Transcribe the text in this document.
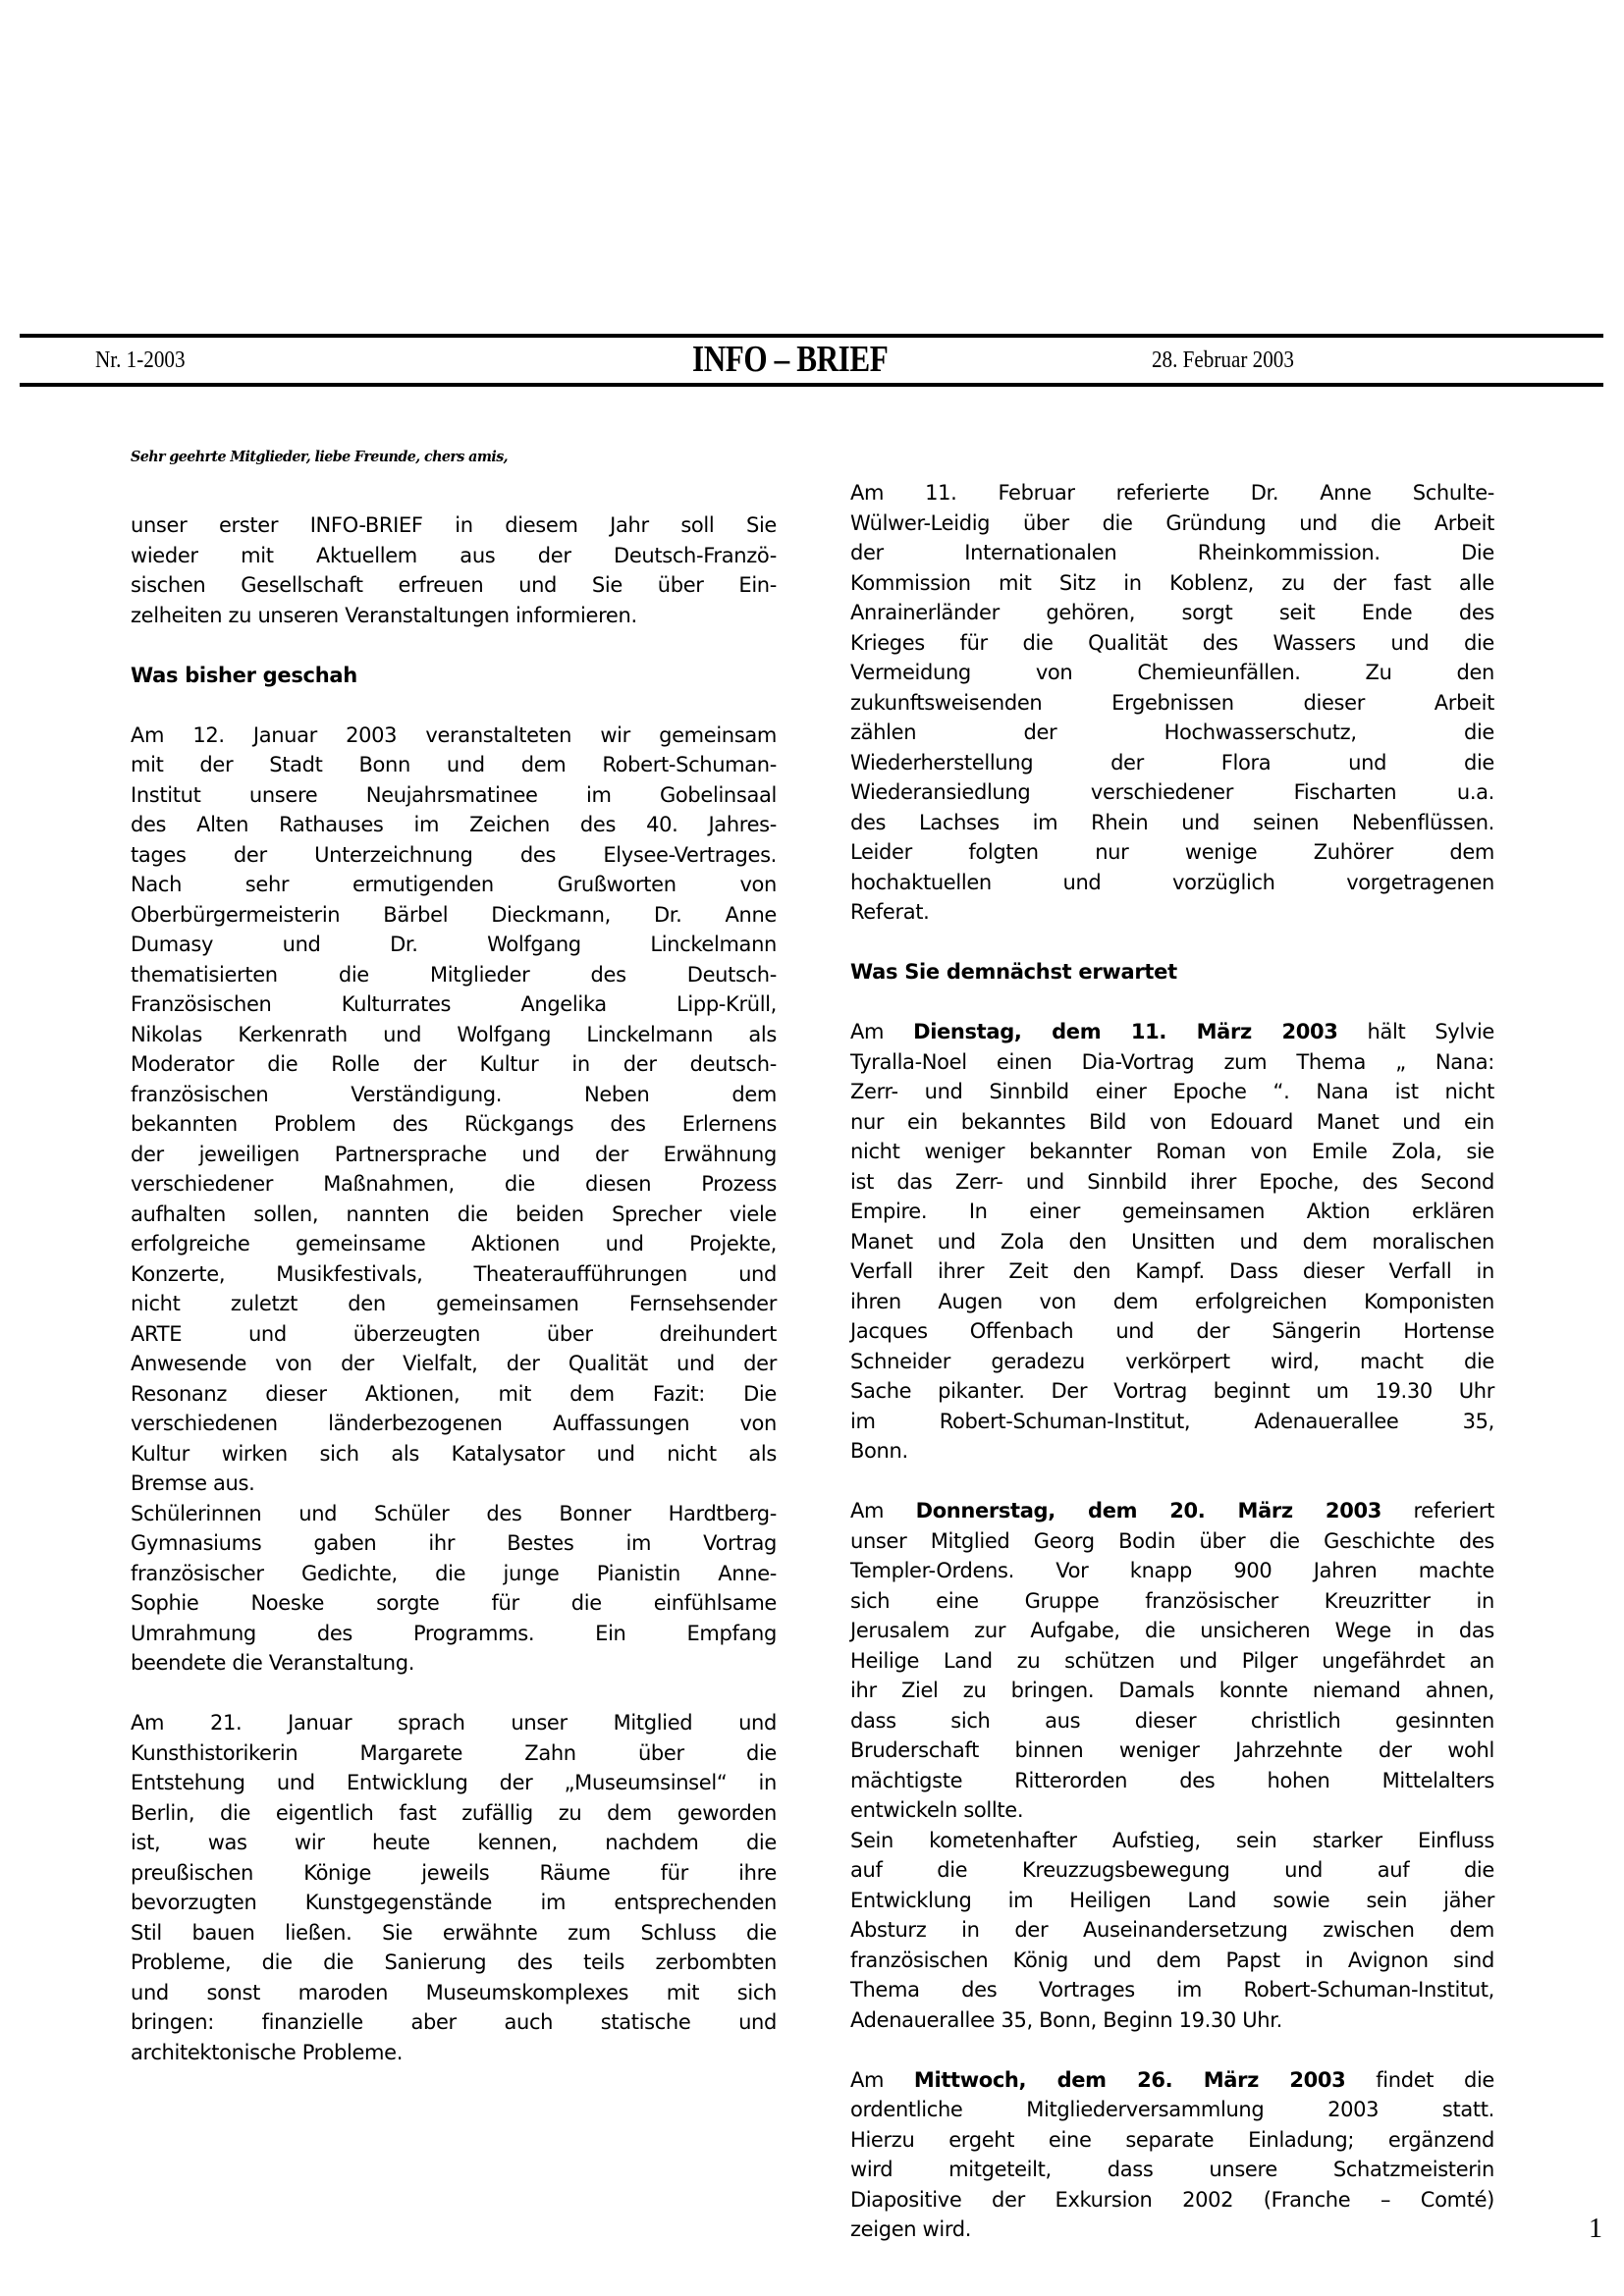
Nr. 1-2003	INFO – BRIEF	28. Februar 2003
Sehr geehrte Mitglieder, liebe Freunde, chers amis,
unser erster INFO-BRIEF in diesem Jahr soll Sie
wieder mit Aktuellem aus der Deutsch-Franzö-
sischen Gesellschaft erfreuen und Sie über Ein-
zelheiten zu unseren Veranstaltungen informieren.
Was bisher geschah
Am 12. Januar 2003 veranstalteten wir gemeinsam
mit der Stadt Bonn und dem Robert-Schuman-
Institut unsere Neujahrsmatinee im Gobelinsaal
des Alten Rathauses im Zeichen des 40. Jahres-
tages der Unterzeichnung des Elysee-Vertrages.
Nach sehr ermutigenden Grußworten von
Oberbürgermeisterin Bärbel Dieckmann, Dr. Anne
Dumasy und Dr. Wolfgang Linckelmann
thematisierten die Mitglieder des Deutsch-
Französischen Kulturrates Angelika Lipp-Krüll,
Nikolas Kerkenrath und Wolfgang Linckelmann als
Moderator die Rolle der Kultur in der deutsch-
französischen Verständigung. Neben dem
bekannten Problem des Rückgangs des Erlernens
der jeweiligen Partnersprache und der Erwähnung
verschiedener Maßnahmen, die diesen Prozess
aufhalten sollen, nannten die beiden Sprecher viele
erfolgreiche gemeinsame Aktionen und Projekte,
Konzerte, Musikfestivals, Theateraufführungen und
nicht zuletzt den gemeinsamen Fernsehsender
ARTE und überzeugten über dreihundert
Anwesende von der Vielfalt, der Qualität und der
Resonanz dieser Aktionen, mit dem Fazit: Die
verschiedenen länderbezogenen Auffassungen von
Kultur wirken sich als Katalysator und nicht als
Bremse aus.
Schülerinnen und Schüler des Bonner Hardtberg-
Gymnasiums gaben ihr Bestes im Vortrag
französischer Gedichte, die junge Pianistin Anne-
Sophie Noeske sorgte für die einfühlsame
Umrahmung des Programms. Ein Empfang
beendete die Veranstaltung.
Am 21. Januar sprach unser Mitglied und
Kunsthistorikerin Margarete Zahn über die
Entstehung und Entwicklung der „Museumsinsel“ in
Berlin, die eigentlich fast zufällig zu dem geworden
ist, was wir heute kennen, nachdem die
preußischen Könige jeweils Räume für ihre
bevorzugten Kunstgegenstände im entsprechenden
Stil bauen ließen. Sie erwähnte zum Schluss die
Probleme, die die Sanierung des teils zerbombten
und sonst maroden Museumskomplexes mit sich
bringen: finanzielle aber auch statische und
architektonische Probleme.
Am 11. Februar referierte Dr. Anne Schulte-
Wülwer-Leidig über die Gründung und die Arbeit
der Internationalen Rheinkommission. Die
Kommission mit Sitz in Koblenz, zu der fast alle
Anrainerländer gehören, sorgt seit Ende des
Krieges für die Qualität des Wassers und die
Vermeidung von Chemieunfällen. Zu den
zukunftsweisenden Ergebnissen dieser Arbeit
zählen der Hochwasserschutz, die
Wiederherstellung der Flora und die
Wiederansiedlung verschiedener Fischarten u.a.
des Lachses im Rhein und seinen Nebenflüssen.
Leider folgten nur wenige Zuhörer dem
hochaktuellen und vorzüglich vorgetragenen
Referat.
Was Sie demnächst erwartet
Am Dienstag, dem 11. März 2003 hält Sylvie
Tyralla-Noel einen Dia-Vortrag zum Thema „ Nana:
Zerr- und Sinnbild einer Epoche “. Nana ist nicht
nur ein bekanntes Bild von Edouard Manet und ein
nicht weniger bekannter Roman von Emile Zola, sie
ist das Zerr- und Sinnbild ihrer Epoche, des Second
Empire. In einer gemeinsamen Aktion erklären
Manet und Zola den Unsitten und dem moralischen
Verfall ihrer Zeit den Kampf. Dass dieser Verfall in
ihren Augen von dem erfolgreichen Komponisten
Jacques Offenbach und der Sängerin Hortense
Schneider geradezu verkörpert wird, macht die
Sache pikanter. Der Vortrag beginnt um 19.30 Uhr
im Robert-Schuman-Institut, Adenauerallee 35,
Bonn.
Am Donnerstag, dem 20. März 2003 referiert
unser Mitglied Georg Bodin über die Geschichte des
Templer-Ordens. Vor knapp 900 Jahren machte
sich eine Gruppe französischer Kreuzritter in
Jerusalem zur Aufgabe, die unsicheren Wege in das
Heilige Land zu schützen und Pilger ungefährdet an
ihr Ziel zu bringen. Damals konnte niemand ahnen,
dass sich aus dieser christlich gesinnten
Bruderschaft binnen weniger Jahrzehnte der wohl
mächtigste Ritterorden des hohen Mittelalters
entwickeln sollte.
Sein kometenhafter Aufstieg, sein starker Einfluss
auf die Kreuzzugsbewegung und auf die
Entwicklung im Heiligen Land sowie sein jäher
Absturz in der Auseinandersetzung zwischen dem
französischen König und dem Papst in Avignon sind
Thema des Vortrages im Robert-Schuman-Institut,
Adenauerallee 35, Bonn, Beginn 19.30 Uhr.
Am Mittwoch, dem 26. März 2003 findet die
ordentliche Mitgliederversammlung 2003 statt.
Hierzu ergeht eine separate Einladung; ergänzend
wird mitgeteilt, dass unsere Schatzmeisterin
Diapositive der Exkursion 2002 (Franche – Comté)
zeigen wird.	1
